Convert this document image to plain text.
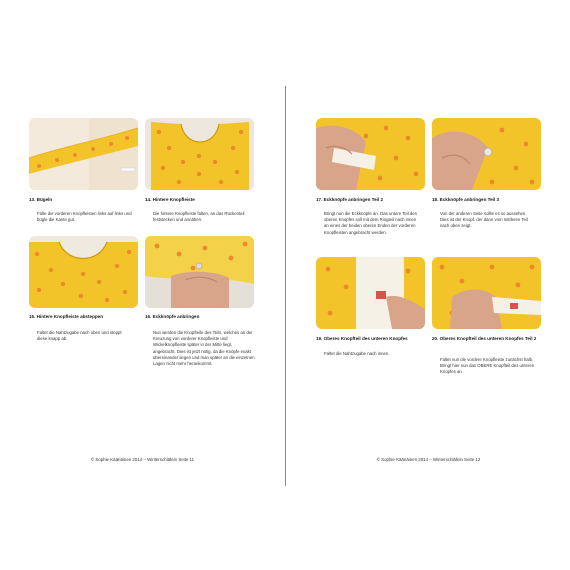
13. Bügeln
Falte die vorderen Knopfleisten links auf links und bügle die Kante gut.
14. Hintere Knopfleiste
Die hintere Knopfleiste falten, an das Rückenteil feststecken und annähen.
15. Hintere Knopfleiste absteppen
Faltet die Nahtzugabe nach oben und steppt diese knapp ab.
16. Eckknöpfe anbringen
Nun werden die Knopfteile des Teils, welches an der Kreuzung von vorderer Knopfleiste und Wickelknopfleiste später in der Mitte liegt, angebracht. Dies ist jetzt nötig, da die Knöpfe exakt übereinander liegen und man später an die einzelnen Lagen nicht mehr herankommt.
© Sophie Kääriäinen 2014 – Winterschläfein Seite 11
17. Eckknöpfe anbringen Teil 2
Bringt nun die Eckknöpfe an. Das untere Teil des oberen Knopfes soll mit dem Ringteil nach innen an eines der beiden oberen Enden der vorderen Knopfleisten angebracht werden.
18. Eckknöpfe anbringen Teil 3
Von der anderen Seite sollte es so aussehen. Dies ist der Knopf, der dann vom mittleren Teil nach oben zeigt.
19. Oberes Knopfteil des unteren Knopfes
Faltet die Nahtzugabe nach innen.
20. Oberes Knopfteil des unteren Knopfes Teil 2
Faltet nun die vordere Knopfleiste zunächst halb. Bringt hier nun das OBERE Knopfteil des unteren Knopfes an.
© Sophie Kääriäinen 2014 – Winterschläfein Seite 12
